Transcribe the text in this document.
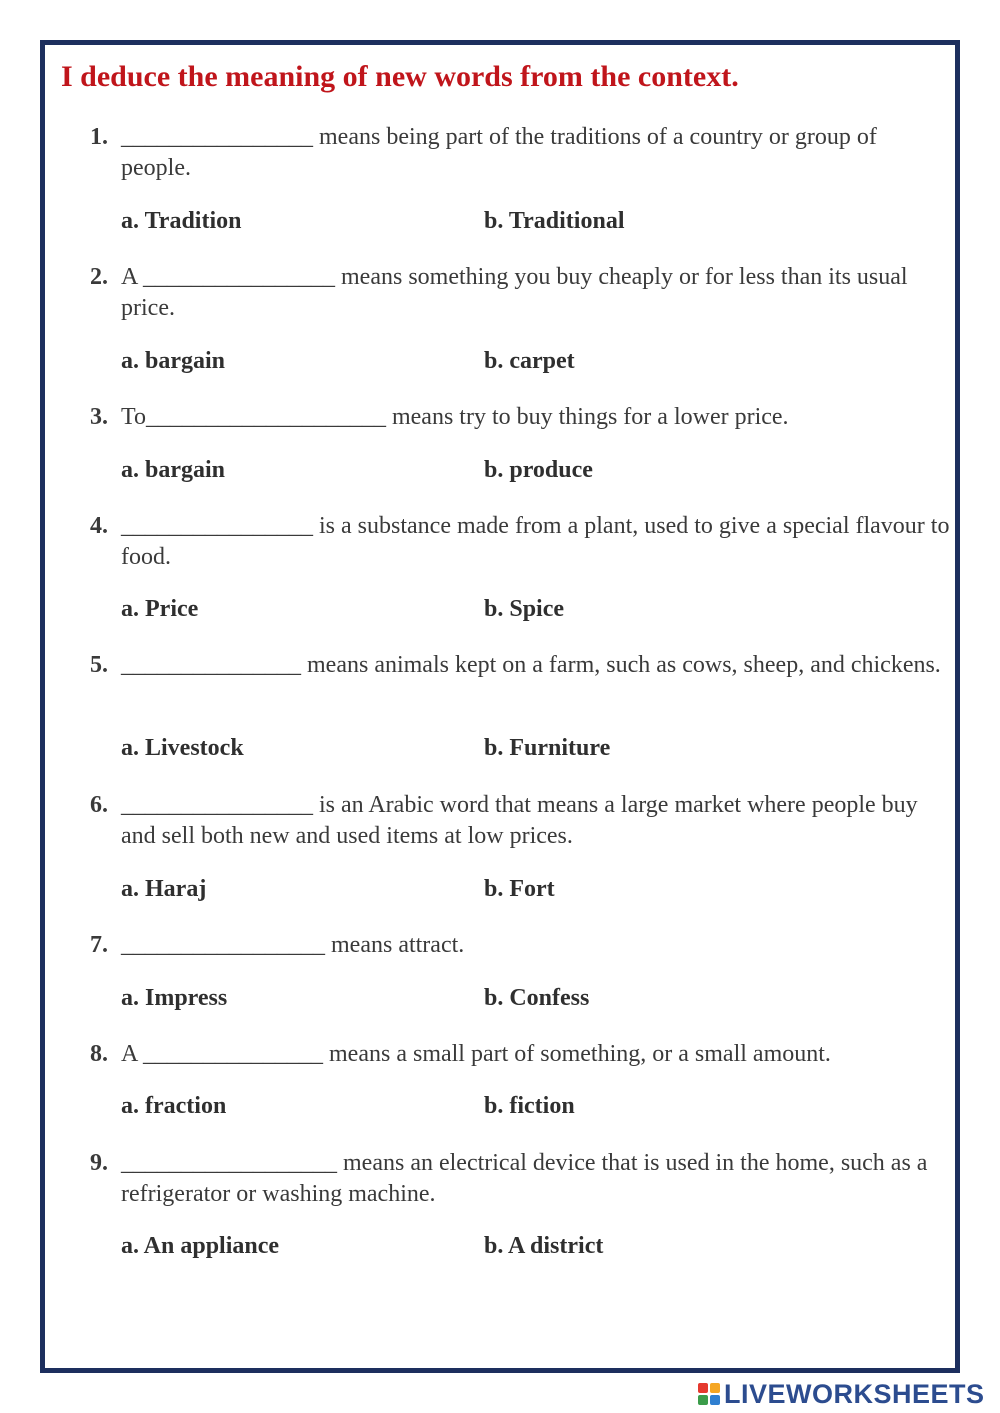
I deduce the meaning of new words from the context.
1. ________________ means being part of the traditions of a country or group of people.
a. Tradition	b. Traditional
2. A ________________ means something you buy cheaply or for less than its usual price.
a. bargain	b. carpet
3. To____________________ means try to buy things for a lower price.
a. bargain	b. produce
4. ________________ is a substance made from a plant, used to give a special flavour to food.
a. Price	b. Spice
5. _______________ means animals kept on a farm, such as cows, sheep, and chickens.
a. Livestock	b. Furniture
6. ________________ is an Arabic word that means a large market where people buy and sell both new and used items at low prices.
a. Haraj	b. Fort
7. _________________ means attract.
a. Impress	b. Confess
8. A _______________ means a small part of something, or a small amount.
a. fraction	b. fiction
9. __________________ means an electrical device that is used in the home, such as a refrigerator or washing machine.
a. An appliance	b. A district
LIVEWORKSHEETS
